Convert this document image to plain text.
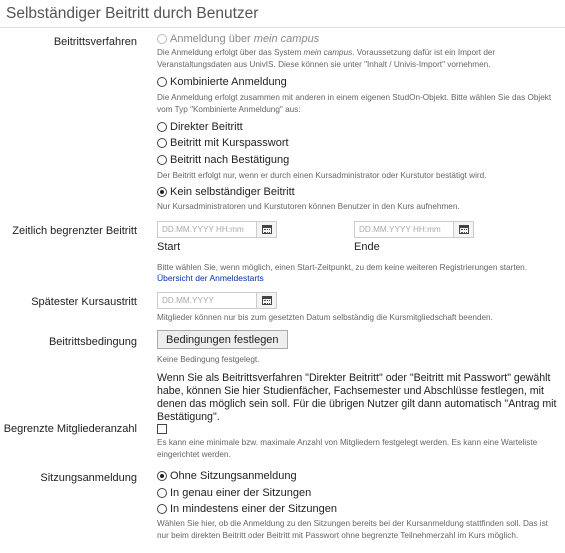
Selbständiger Beitritt durch Benutzer
Beitrittsverfahren	Anmeldung über mein campus
Die Anmeldung erfolgt über das System mein campus. Voraussetzung dafür ist ein Import der Veranstaltungsdaten aus UnivIS. Diese können sie unter "Inhalt / Univis-Import" vornehmen.
Kombinierte Anmeldung
Die Anmeldung erfolgt zusammen mit anderen in einem eigenen StudOn-Objekt. Bitte wählen Sie das Objekt vom Typ "Kombinierte Anmeldung" aus:
Direkter Beitritt
Beitritt mit Kurspasswort
Beitritt nach Bestätigung
Der Beitritt erfolgt nur, wenn er durch einen Kursadministrator oder Kurstutor bestätigt wird.
Kein selbständiger Beitritt
Nur Kursadministratoren und Kurstutoren können Benutzer in den Kurs aufnehmen.
Zeitlich begrenzter Beitritt	DD.MM.YYYY HH:mm
Start
DD.MM.YYYY HH:mm
Ende
Bitte wählen Sie, wenn möglich, einen Start-Zeitpunkt, zu dem keine weiteren Registrierungen starten.
Übersicht der Anmeldestarts
Spätester Kursaustritt	DD.MM.YYYY
Mitglieder können nur bis zum gesetzten Datum selbständig die Kursmitgliedschaft beenden.
Beitrittsbedingung	Bedingungen festlegen
Keine Bedingung festgelegt.
Wenn Sie als Beitrittsverfahren "Direkter Beitritt" oder "Beitritt mit Passwort" gewählt habe, können Sie hier Studienfächer, Fachsemester und Abschlüsse festlegen, mit denen das möglich sein soll. Für die übrigen Nutzer gilt dann automatisch "Antrag mit Bestätigung".
Begrenzte Mitgliederanzahl
Es kann eine minimale bzw. maximale Anzahl von Mitgliedern festgelegt werden. Es kann eine Warteliste eingerichtet werden.
Sitzungsanmeldung	Ohne Sitzungsanmeldung
In genau einer der Sitzungen
In mindestens einer der Sitzungen
Wählen Sie hier, ob die Anmeldung zu den Sitzungen bereits bei der Kursanmeldung stattfinden soll. Das ist nur beim direkten Beitritt oder Beitritt mit Passwort ohne begrenzte Teilnehmerzahl im Kurs möglich.
